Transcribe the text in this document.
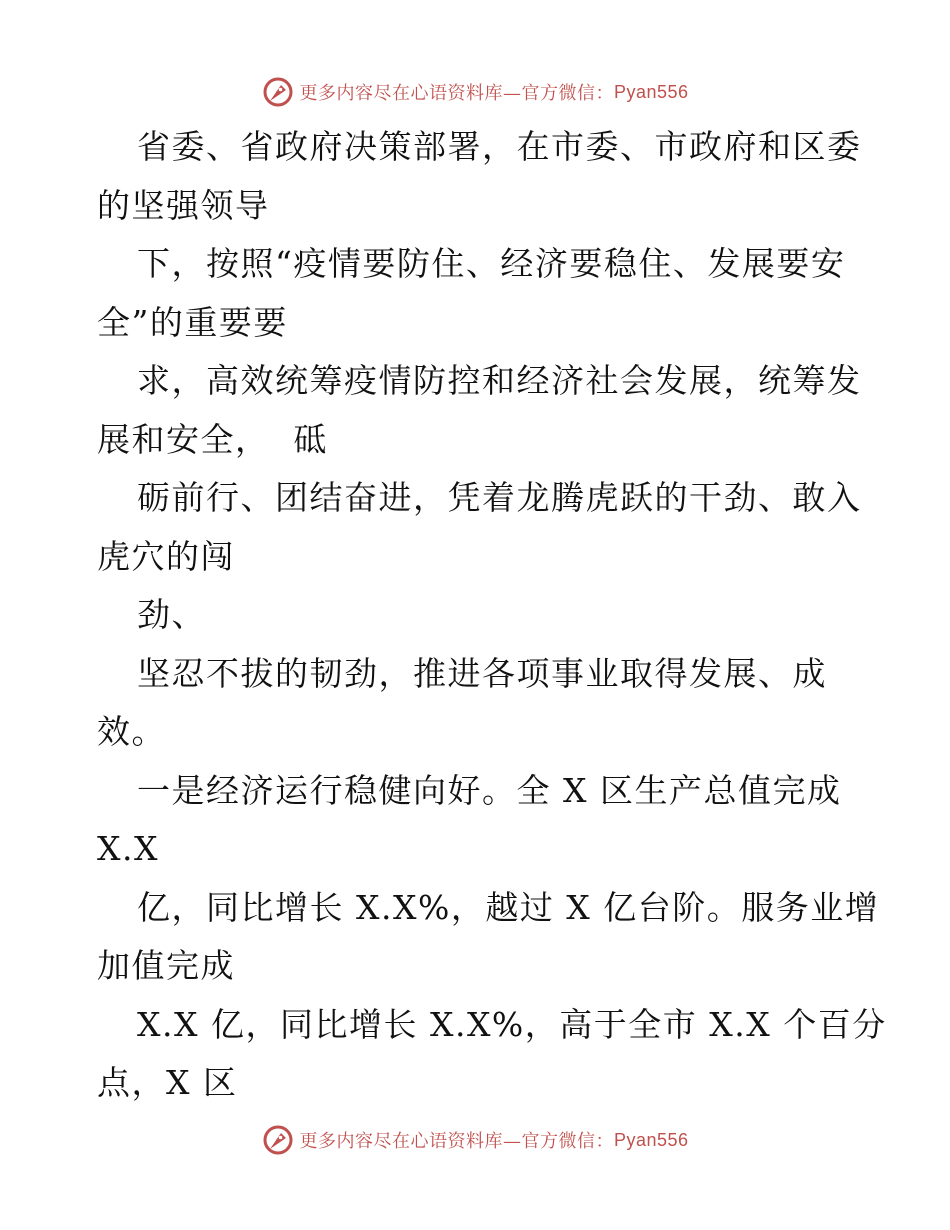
更多内容尽在心语资料库—官方微信： Pyan556
省委、省政府决策部署，在市委、市政府和区委
的坚强领导
下，按照“疫情要防住、经济要稳住、发展要安
全”的重要要
求，高效统筹疫情防控和经济社会发展，统筹发
展和安全，  砥
砺前行、团结奋进，凭着龙腾虎跃的干劲、敢入
虎穴的闯
劲、
坚忍不拔的韧劲，推进各项事业取得发展、成
效。
一是经济运行稳健向好。全 X 区生产总值完成
X.X
亿，同比增长 X.X%，越过 X 亿台阶。服务业增
加值完成
X.X 亿，同比增长 X.X%，高于全市 X.X 个百分
点，X 区
更多内容尽在心语资料库—官方微信： Pyan556
